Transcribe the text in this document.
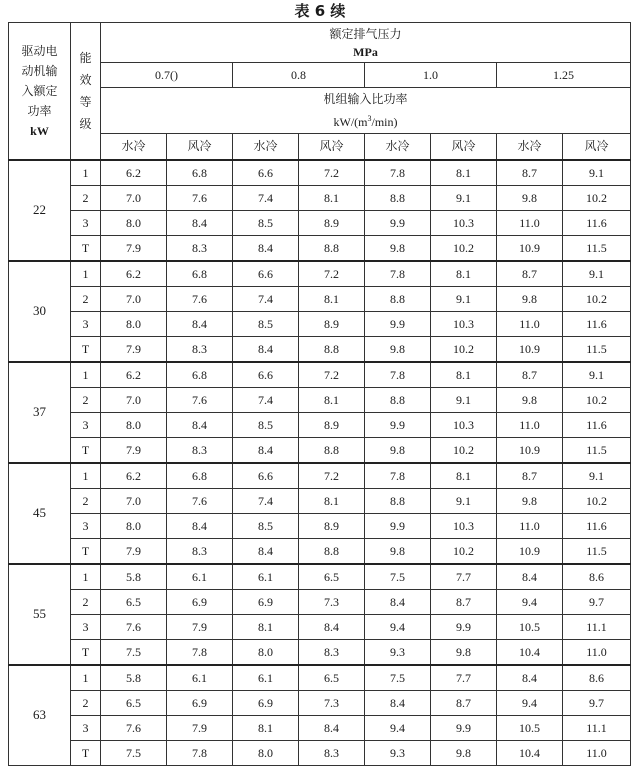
表 6 续
驱动电
动机输
入额定
功率
kW	能
效
等
级	额定排气压力
MPa							
		0.7()		0.8		1.0		1.25	
		机组输入比功率
$kW/(m^3/\min)$							
		水冷	风冷	水冷	风冷	水冷	风冷	水冷	风冷
22	1	6.2	6.8	6.6	7.2	7.8	8.1	8.7	9.1
	2	7.0	7.6	7.4	8.1	8.8	9.1	9.8	10.2
	3	8.0	8.4	8.5	8.9	9.9	10.3	11.0	11.6
	T	7.9	8.3	8.4	8.8	9.8	10.2	10.9	11.5
30	1	6.2	6.8	6.6	7.2	7.8	8.1	8.7	9.1
	2	7.0	7.6	7.4	8.1	8.8	9.1	9.8	10.2
	3	8.0	8.4	8.5	8.9	9.9	10.3	11.0	11.6
	T	7.9	8.3	8.4	8.8	9.8	10.2	10.9	11.5
37	1	6.2	6.8	6.6	7.2	7.8	8.1	8.7	9.1
	2	7.0	7.6	7.4	8.1	8.8	9.1	9.8	10.2
	3	8.0	8.4	8.5	8.9	9.9	10.3	11.0	11.6
	T	7.9	8.3	8.4	8.8	9.8	10.2	10.9	11.5
45	1	6.2	6.8	6.6	7.2	7.8	8.1	8.7	9.1
	2	7.0	7.6	7.4	8.1	8.8	9.1	9.8	10.2
	3	8.0	8.4	8.5	8.9	9.9	10.3	11.0	11.6
	T	7.9	8.3	8.4	8.8	9.8	10.2	10.9	11.5
55	1	5.8	6.1	6.1	6.5	7.5	7.7	8.4	8.6
	2	6.5	6.9	6.9	7.3	8.4	8.7	9.4	9.7
	3	7.6	7.9	8.1	8.4	9.4	9.9	10.5	11.1
	T	7.5	7.8	8.0	8.3	9.3	9.8	10.4	11.0
63	1	5.8	6.1	6.1	6.5	7.5	7.7	8.4	8.6
	2	6.5	6.9	6.9	7.3	8.4	8.7	9.4	9.7
	3	7.6	7.9	8.1	8.4	9.4	9.9	10.5	11.1
	T	7.5	7.8	8.0	8.3	9.3	9.8	10.4	11.0
